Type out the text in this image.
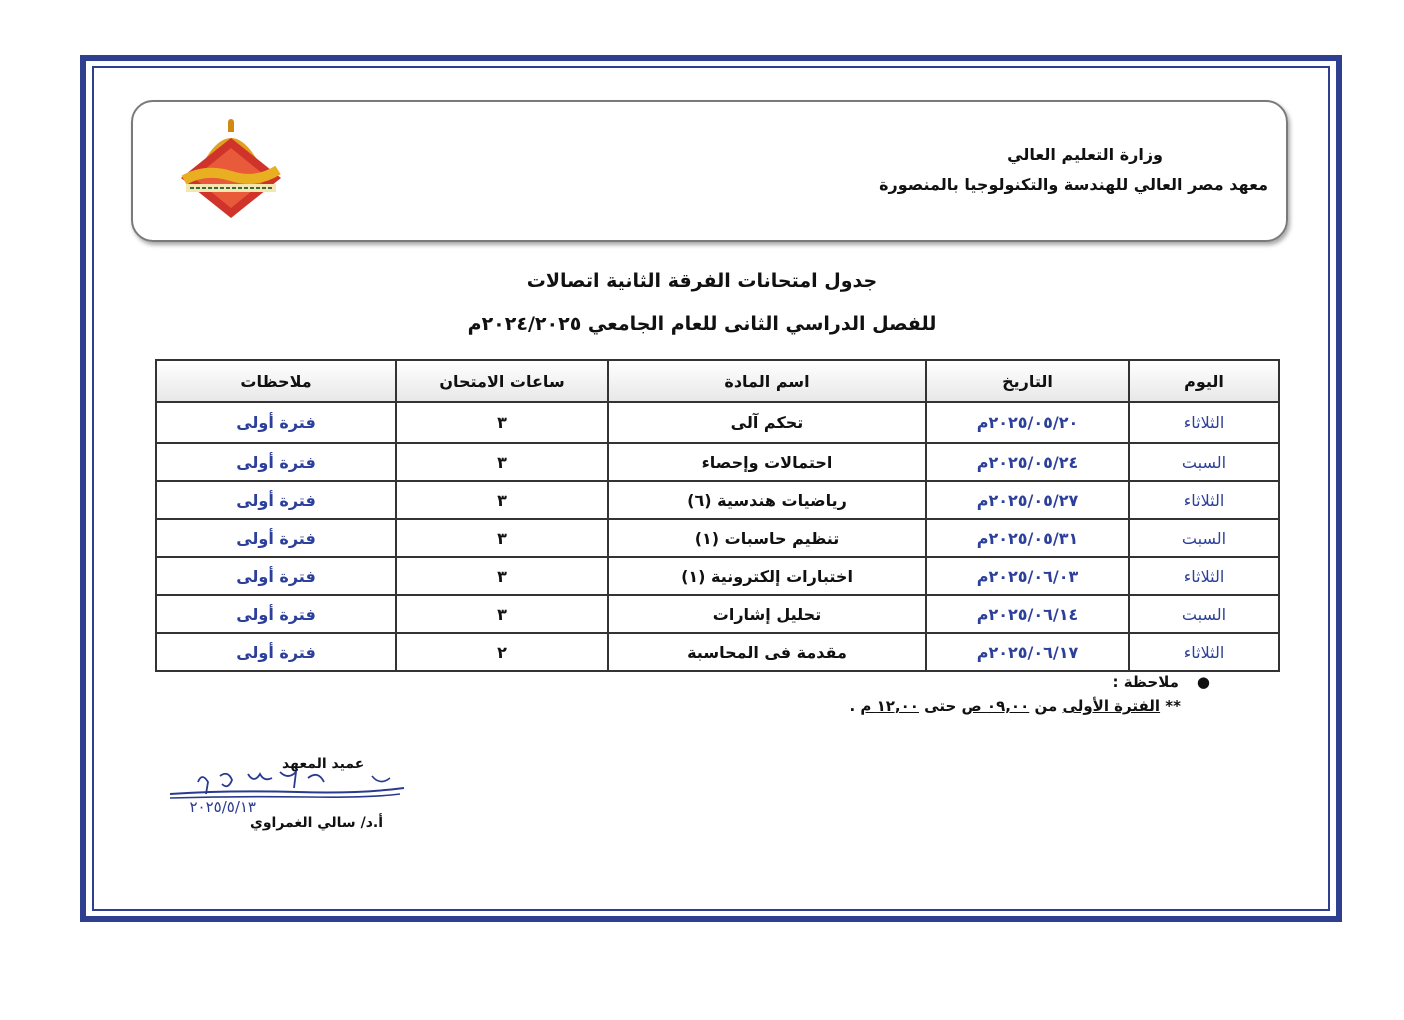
وزارة التعليم العالي
معهد مصر العالي للهندسة والتكنولوجيا بالمنصورة
جدول امتحانات الفرقة الثانية اتصالات
للفصل الدراسي الثانى للعام الجامعي ٢٠٢٤/٢٠٢٥م
اليوم	التاريخ	اسم المادة	ساعات الامتحان	ملاحظات
الثلاثاء	٢٠٢٥/٠٥/٢٠م	تحكم آلى	٣	فترة أولى
السبت	٢٠٢٥/٠٥/٢٤م	احتمالات وإحصاء	٣	فترة أولى
الثلاثاء	٢٠٢٥/٠٥/٢٧م	رياضيات هندسية (٦)	٣	فترة أولى
السبت	٢٠٢٥/٠٥/٣١م	تنظيم حاسبات (١)	٣	فترة أولى
الثلاثاء	٢٠٢٥/٠٦/٠٣م	اختبارات إلكترونية (١)	٣	فترة أولى
السبت	٢٠٢٥/٠٦/١٤م	تحليل إشارات	٣	فترة أولى
الثلاثاء	٢٠٢٥/٠٦/١٧م	مقدمة فى المحاسبة	٢	فترة أولى
●ملاحظة :
** الفترة الأولى من ٠٩,٠٠ ص حتى ١٢,٠٠ م .
عميد المعهد
٢٠٢٥/٥/١٣
أ.د/ سالي الغمراوي
